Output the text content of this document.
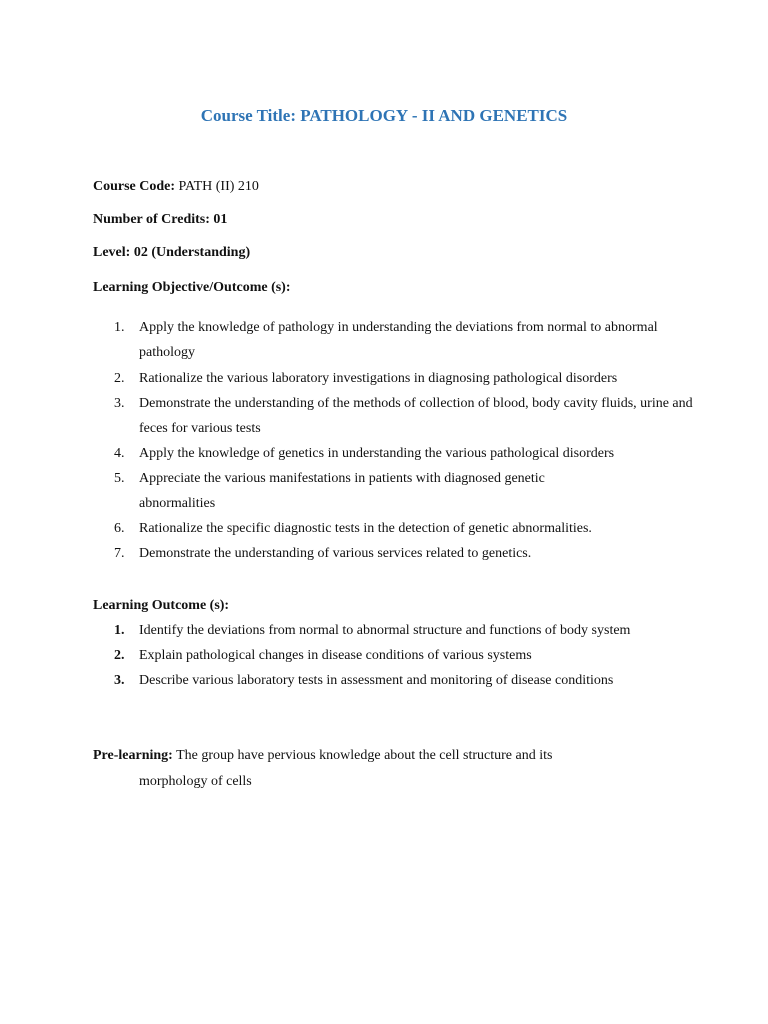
Course Title: PATHOLOGY - II AND GENETICS
Course Code: PATH (II) 210
Number of Credits: 01
Level: 02 (Understanding)
Learning Objective/Outcome (s):
1. Apply the knowledge of pathology in understanding the deviations from normal to abnormal pathology
2. Rationalize the various laboratory investigations in diagnosing pathological disorders
3. Demonstrate the understanding of the methods of collection of blood, body cavity fluids, urine and feces for various tests
4. Apply the knowledge of genetics in understanding the various pathological disorders
5. Appreciate the various manifestations in patients with diagnosed genetic abnormalities
6. Rationalize the specific diagnostic tests in the detection of genetic abnormalities.
7. Demonstrate the understanding of various services related to genetics.
Learning Outcome (s):
1. Identify the deviations from normal to abnormal structure and functions of body system
2. Explain pathological changes in disease conditions of various systems
3. Describe various laboratory tests in assessment and monitoring of disease conditions
Pre-learning: The group have pervious knowledge about the cell structure and its
morphology of cells
